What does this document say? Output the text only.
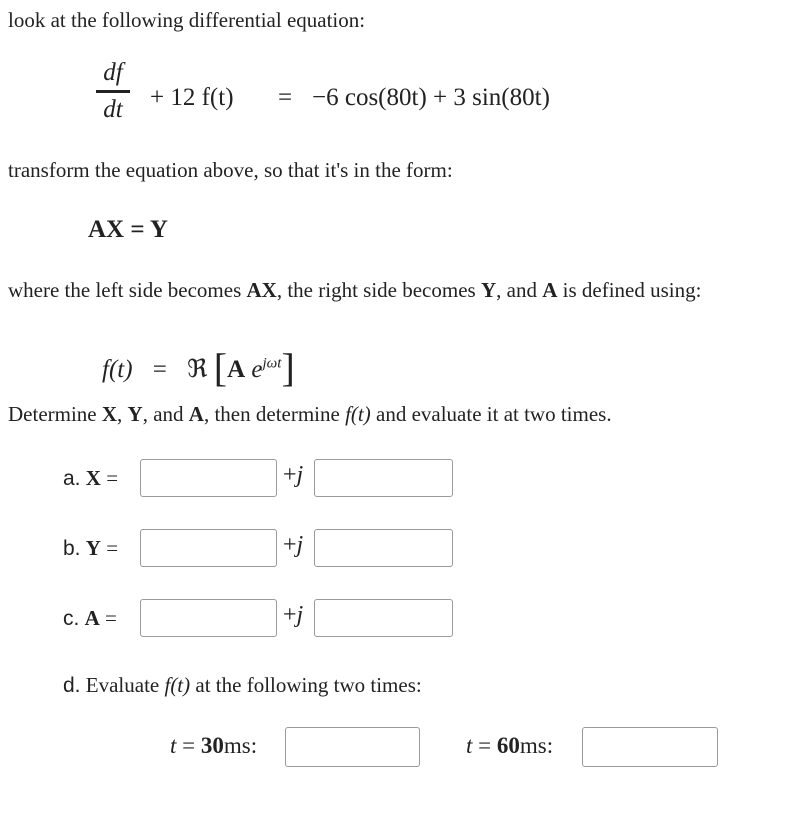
look at the following differential equation:
df
dt + 12 f(t) = −6 cos(80t) + 3 sin(80t)
transform the equation above, so that it's in the form:
AX = Y
where the left side becomes AX, the right side becomes Y, and A is defined using:
f(t) = ℜ [A $e^{j\omega t}$]
Determine X, Y, and A, then determine f(t) and evaluate it at two times.
a. X =	+j
b. Y =	+j
c. A =	+j
d. Evaluate f(t) at the following two times:
t = 30ms:	t = 60ms:
